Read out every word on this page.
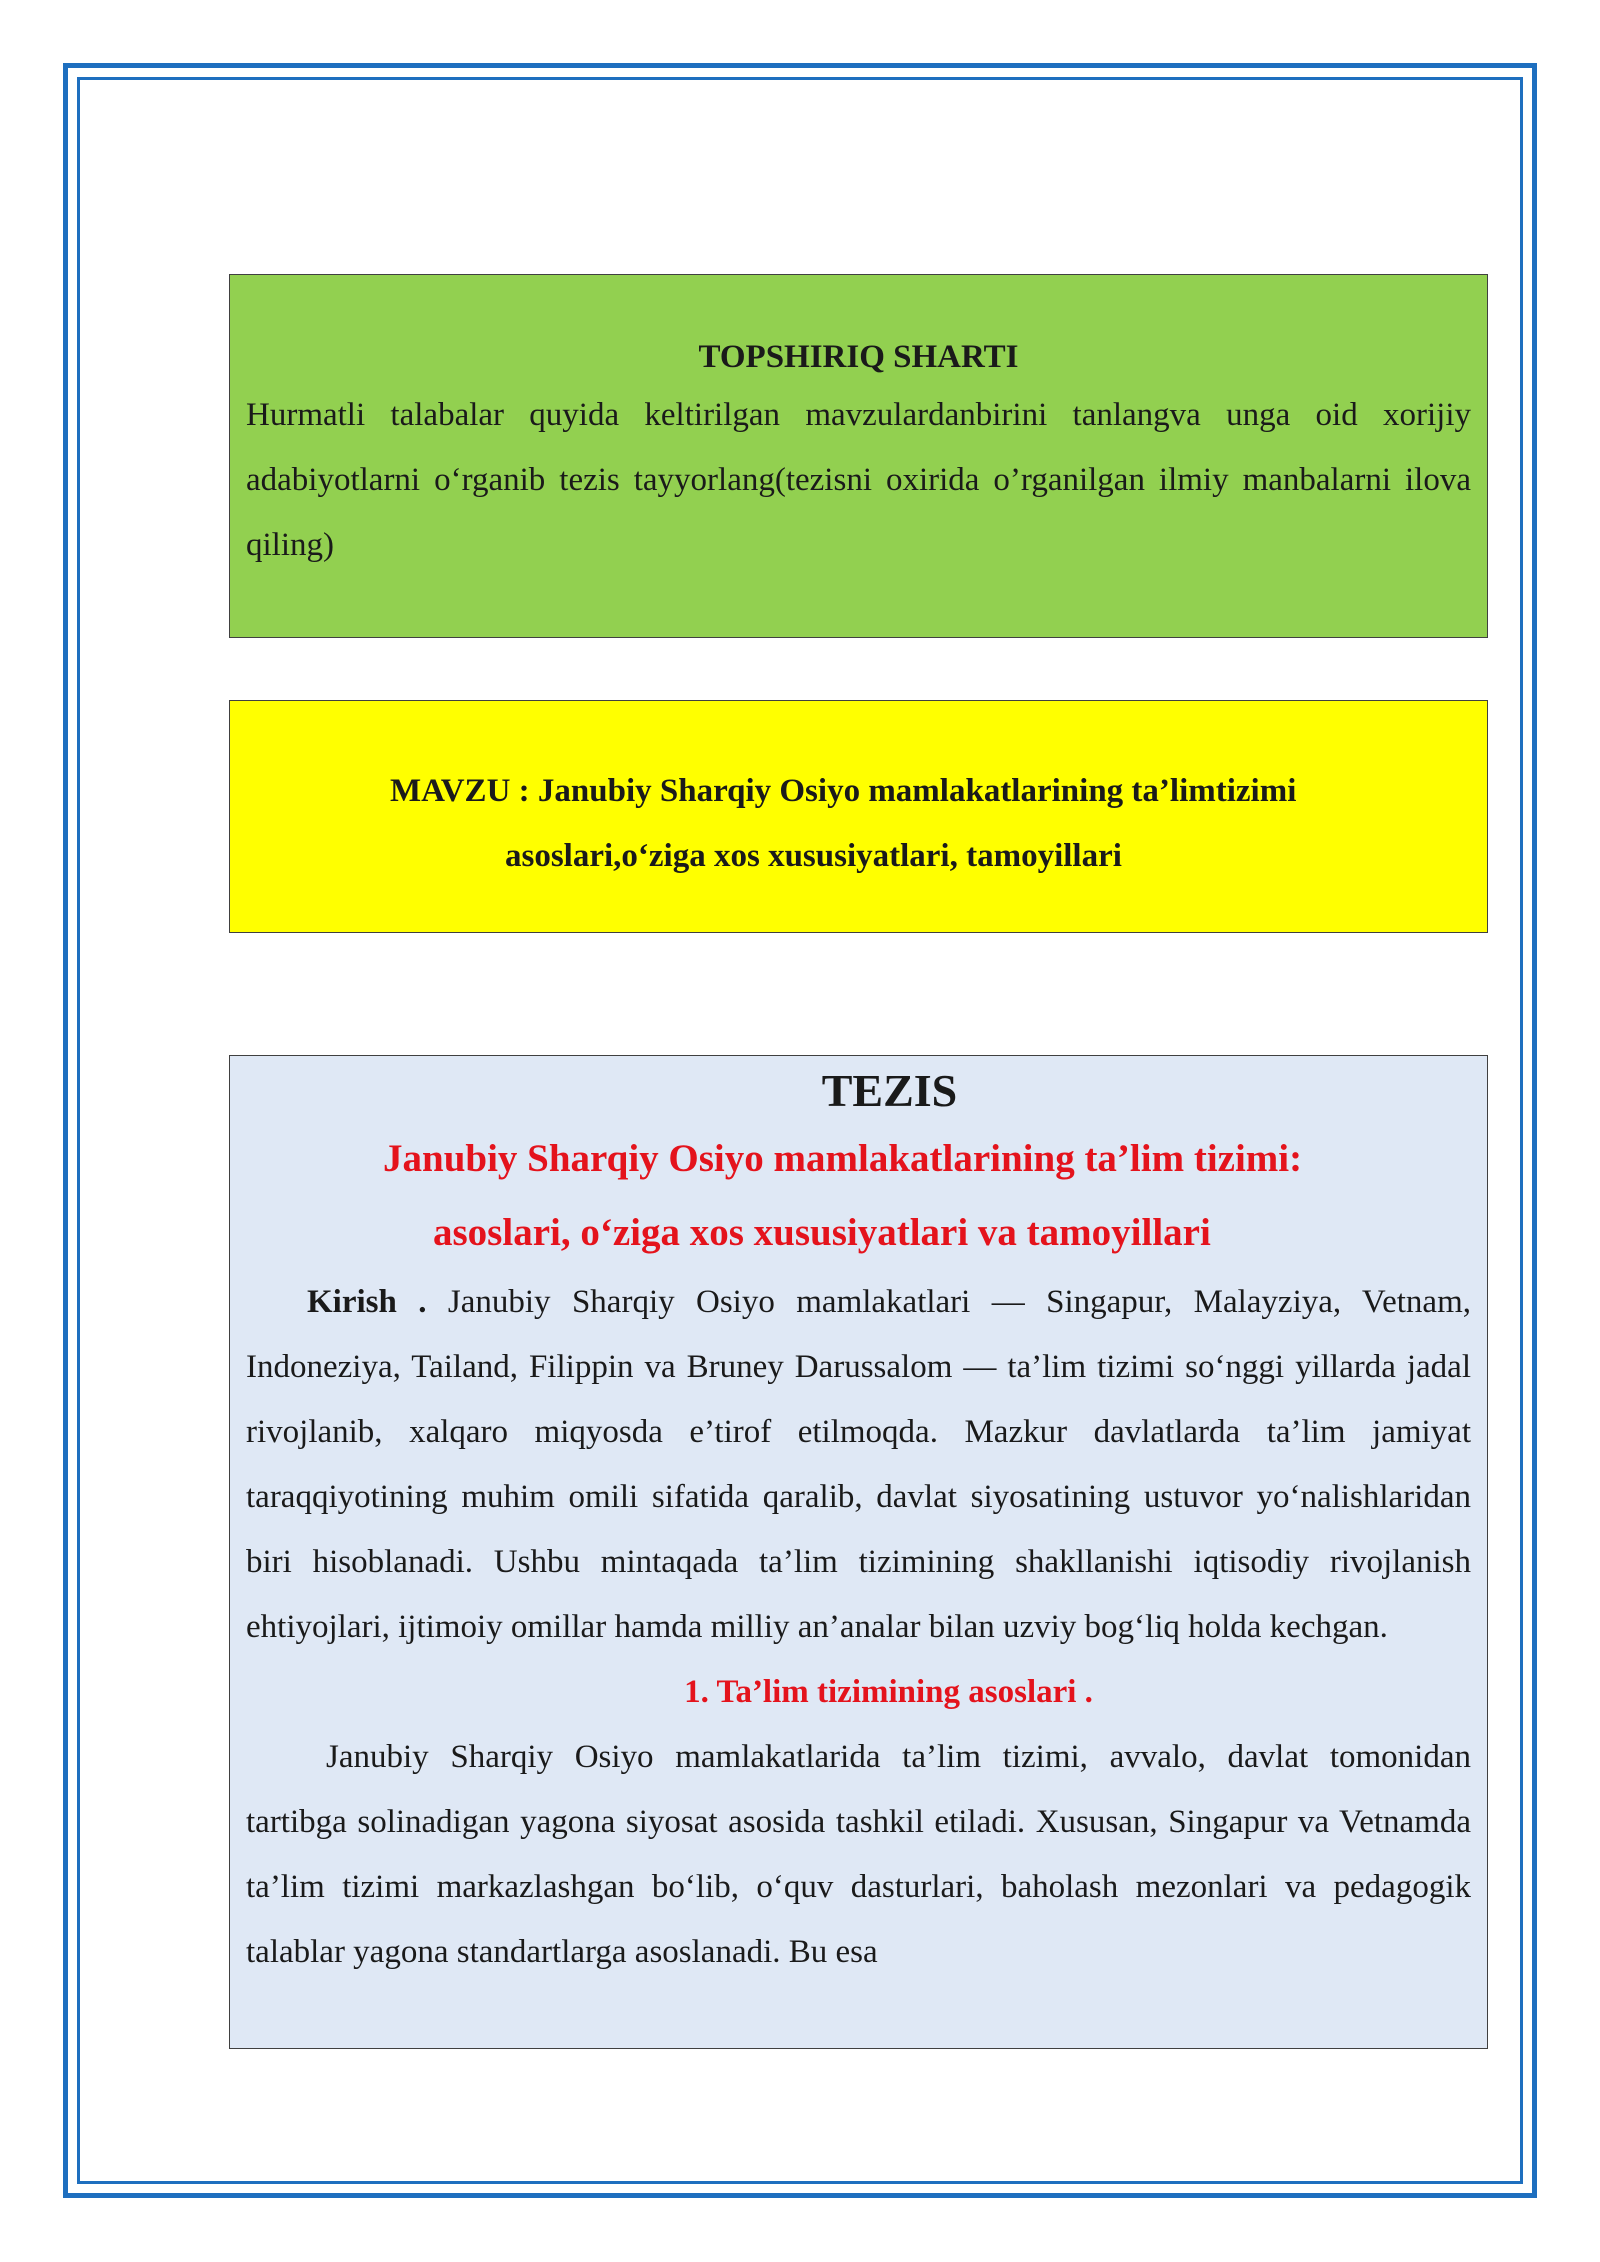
TOPSHIRIQ SHARTI

Hurmatli talabalar quyida keltirilgan mavzulardanbirini tanlangva unga oid xorijiy adabiyotlarni o‘rganib tezis tayyorlang(tezisni oxirida o’rganilgan ilmiy manbalarni ilova qiling)

MAVZU : Janubiy Sharqiy Osiyo mamlakatlarining ta’limtizimi

asoslari,o‘ziga xos xususiyatlari, tamoyillari

TEZIS

Janubiy Sharqiy Osiyo mamlakatlarining ta’lim tizimi:

asoslari, o‘ziga xos xususiyatlari va tamoyillari

Kirish . Janubiy Sharqiy Osiyo mamlakatlari — Singapur, Malayziya, Vetnam, Indoneziya, Tailand, Filippin va Bruney Darussalom — ta’lim tizimi so‘nggi yillarda jadal rivojlanib, xalqaro miqyosda e’tirof etilmoqda. Mazkur davlatlarda ta’lim jamiyat taraqqiyotining muhim omili sifatida qaralib, davlat siyosatining ustuvor yo‘nalishlaridan biri hisoblanadi. Ushbu mintaqada ta’lim tizimining shakllanishi iqtisodiy rivojlanish ehtiyojlari, ijtimoiy omillar hamda milliy an’analar bilan uzviy bog‘liq holda kechgan.

1. Ta’lim tizimining asoslari .

Janubiy Sharqiy Osiyo mamlakatlarida ta’lim tizimi, avvalo, davlat tomonidan tartibga solinadigan yagona siyosat asosida tashkil etiladi. Xususan, Singapur va Vetnamda ta’lim tizimi markazlashgan bo‘lib, o‘quv dasturlari, baholash mezonlari va pedagogik talablar yagona standartlarga asoslanadi. Bu esa
